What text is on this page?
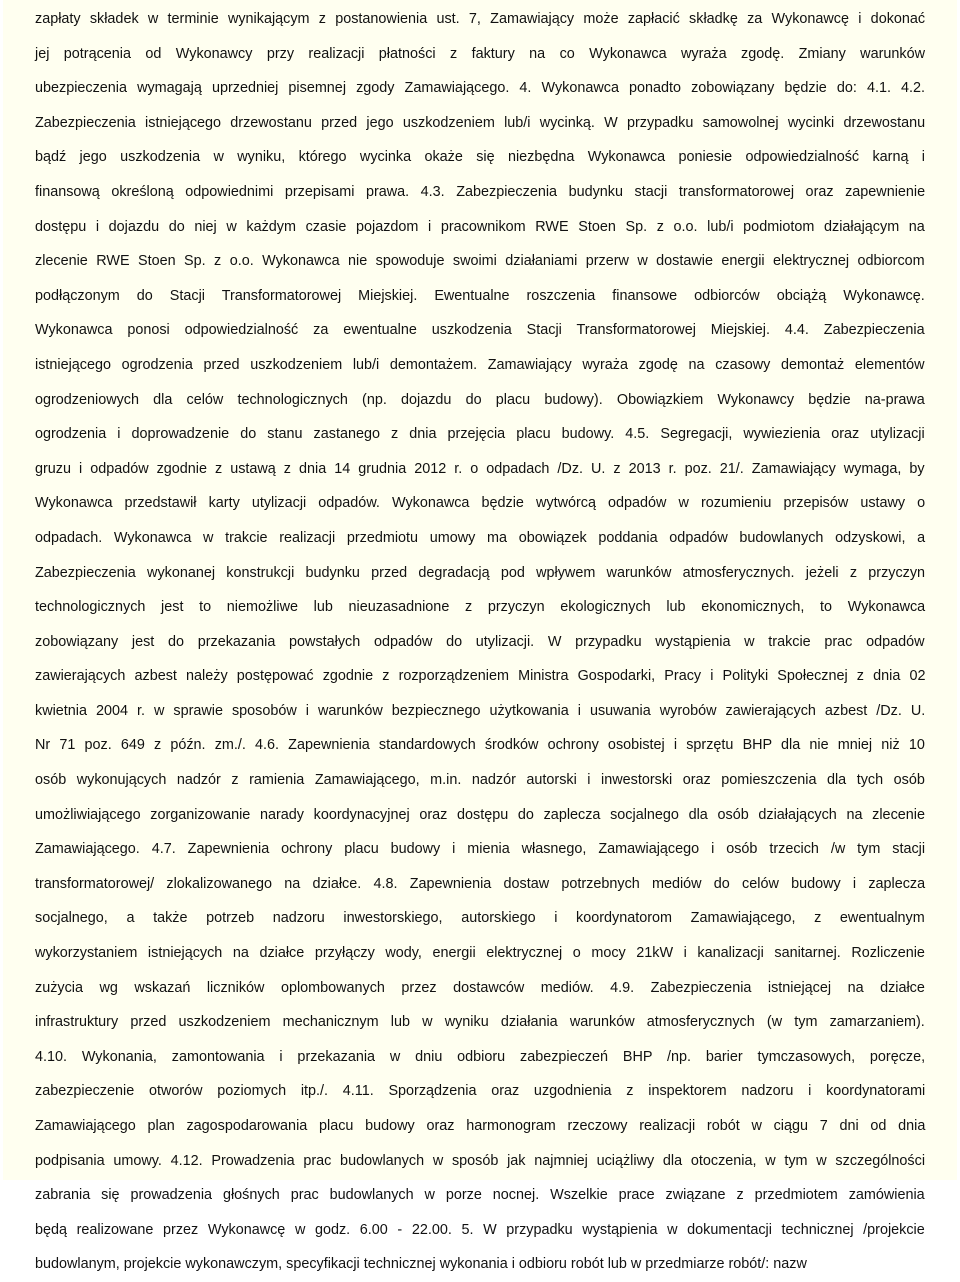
zapłaty składek w terminie wynikającym z postanowienia ust. 7, Zamawiający może zapłacić składkę za Wykonawcę i dokonać
jej potrącenia od Wykonawcy przy realizacji płatności z faktury na co Wykonawca wyraża zgodę. Zmiany warunków
ubezpieczenia wymagają uprzedniej pisemnej zgody Zamawiającego. 4. Wykonawca ponadto zobowiązany będzie do: 4.1. 4.2.
Zabezpieczenia istniejącego drzewostanu przed jego uszkodzeniem lub/i wycinką. W przypadku samowolnej wycinki drzewostanu
bądź jego uszkodzenia w wyniku, którego wycinka okaże się niezbędna Wykonawca poniesie odpowiedzialność karną i
finansową określoną odpowiednimi przepisami prawa. 4.3. Zabezpieczenia budynku stacji transformatorowej oraz zapewnienie
dostępu i dojazdu do niej w każdym czasie pojazdom i pracownikom RWE Stoen Sp. z o.o. lub/i podmiotom działającym na
zlecenie RWE Stoen Sp. z o.o. Wykonawca nie spowoduje swoimi działaniami przerw w dostawie energii elektrycznej odbiorcom
podłączonym do Stacji Transformatorowej Miejskiej. Ewentualne roszczenia finansowe odbiorców obciążą Wykonawcę.
Wykonawca ponosi odpowiedzialność za ewentualne uszkodzenia Stacji Transformatorowej Miejskiej. 4.4. Zabezpieczenia
istniejącego ogrodzenia przed uszkodzeniem lub/i demontażem. Zamawiający wyraża zgodę na czasowy demontaż elementów
ogrodzeniowych dla celów technologicznych (np. dojazdu do placu budowy). Obowiązkiem Wykonawcy będzie na-prawa
ogrodzenia i doprowadzenie do stanu zastanego z dnia przejęcia placu budowy. 4.5. Segregacji, wywiezienia oraz utylizacji
gruzu i odpadów zgodnie z ustawą z dnia 14 grudnia 2012 r. o odpadach /Dz. U. z 2013 r. poz. 21/. Zamawiający wymaga, by
Wykonawca przedstawił karty utylizacji odpadów. Wykonawca będzie wytwórcą odpadów w rozumieniu przepisów ustawy o
odpadach. Wykonawca w trakcie realizacji przedmiotu umowy ma obowiązek poddania odpadów budowlanych odzyskowi, a
Zabezpieczenia wykonanej konstrukcji budynku przed degradacją pod wpływem warunków atmosferycznych. jeżeli z przyczyn
technologicznych jest to niemożliwe lub nieuzasadnione z przyczyn ekologicznych lub ekonomicznych, to Wykonawca
zobowiązany jest do przekazania powstałych odpadów do utylizacji. W przypadku wystąpienia w trakcie prac odpadów
zawierających azbest należy postępować zgodnie z rozporządzeniem Ministra Gospodarki, Pracy i Polityki Społecznej z dnia 02
kwietnia 2004 r. w sprawie sposobów i warunków bezpiecznego użytkowania i usuwania wyrobów zawierających azbest /Dz. U.
Nr 71 poz. 649 z późn. zm./. 4.6. Zapewnienia standardowych środków ochrony osobistej i sprzętu BHP dla nie mniej niż 10
osób wykonujących nadzór z ramienia Zamawiającego, m.in. nadzór autorski i inwestorski oraz pomieszczenia dla tych osób
umożliwiającego zorganizowanie narady koordynacyjnej oraz dostępu do zaplecza socjalnego dla osób działających na zlecenie
Zamawiającego. 4.7. Zapewnienia ochrony placu budowy i mienia własnego, Zamawiającego i osób trzecich /w tym stacji
transformatorowej/ zlokalizowanego na działce. 4.8. Zapewnienia dostaw potrzebnych mediów do celów budowy i zaplecza
socjalnego, a także potrzeb nadzoru inwestorskiego, autorskiego i koordynatorom Zamawiającego, z ewentualnym
wykorzystaniem istniejących na działce przyłączy wody, energii elektrycznej o mocy 21kW i kanalizacji sanitarnej. Rozliczenie
zużycia wg wskazań liczników oplombowanych przez dostawców mediów. 4.9. Zabezpieczenia istniejącej na działce
infrastruktury przed uszkodzeniem mechanicznym lub w wyniku działania warunków atmosferycznych (w tym zamarzaniem).
4.10. Wykonania, zamontowania i przekazania w dniu odbioru zabezpieczeń BHP /np. barier tymczasowych, poręcze,
zabezpieczenie otworów poziomych itp./. 4.11. Sporządzenia oraz uzgodnienia z inspektorem nadzoru i koordynatorami
Zamawiającego plan zagospodarowania placu budowy oraz harmonogram rzeczowy realizacji robót w ciągu 7 dni od dnia
podpisania umowy. 4.12. Prowadzenia prac budowlanych w sposób jak najmniej uciążliwy dla otoczenia, w tym w szczególności
zabrania się prowadzenia głośnych prac budowlanych w porze nocnej. Wszelkie prace związane z przedmiotem zamówienia
będą realizowane przez Wykonawcę w godz. 6.00 - 22.00. 5. W przypadku wystąpienia w dokumentacji technicznej /projekcie
budowlanym, projekcie wykonawczym, specyfikacji technicznej wykonania i odbioru robót lub w przedmiarze robót/: nazw
